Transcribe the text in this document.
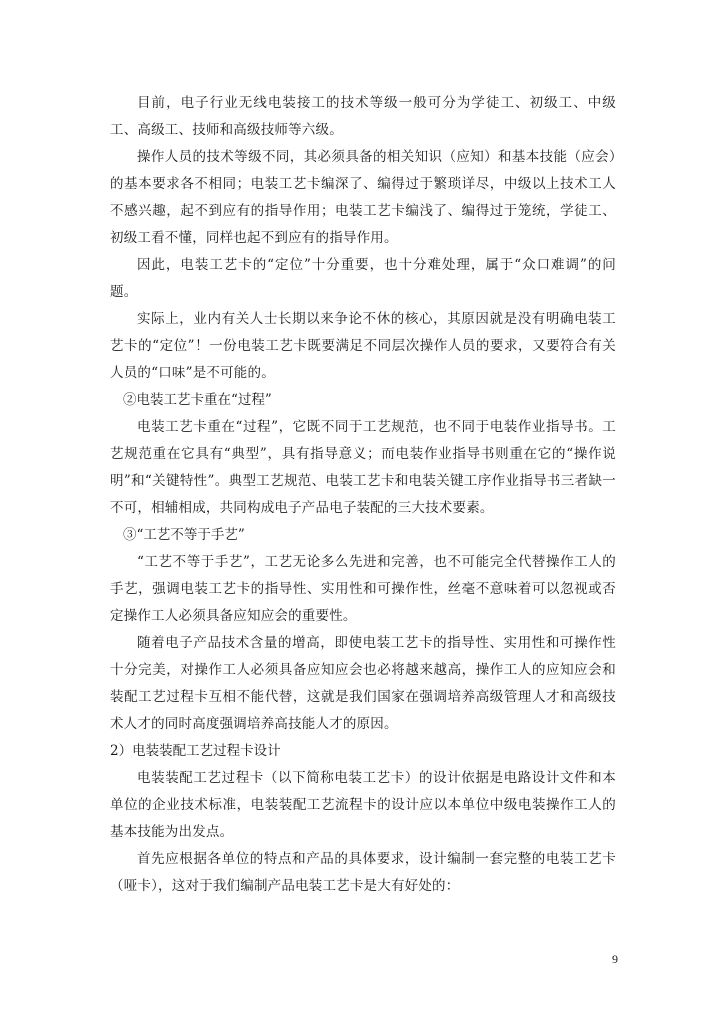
目前，电子行业无线电装接工的技术等级一般可分为学徒工、初级工、中级工、高级工、技师和高级技师等六级。

操作人员的技术等级不同，其必须具备的相关知识（应知）和基本技能（应会）的基本要求各不相同；电装工艺卡编深了、编得过于繁琐详尽，中级以上技术工人不感兴趣，起不到应有的指导作用；电装工艺卡编浅了、编得过于笼统，学徒工、初级工看不懂，同样也起不到应有的指导作用。

因此，电装工艺卡的“定位”十分重要，也十分难处理，属于“众口难调”的问题。

实际上，业内有关人士长期以来争论不休的核心，其原因就是没有明确电装工艺卡的“定位”！一份电装工艺卡既要满足不同层次操作人员的要求，又要符合有关人员的“口味”是不可能的。

②电装工艺卡重在“过程”

电装工艺卡重在“过程”，它既不同于工艺规范，也不同于电装作业指导书。工艺规范重在它具有“典型”，具有指导意义；而电装作业指导书则重在它的“操作说明”和“关键特性”。典型工艺规范、电装工艺卡和电装关键工序作业指导书三者缺一不可，相辅相成，共同构成电子产品电子装配的三大技术要素。

③“工艺不等于手艺”

“工艺不等于手艺”，工艺无论多么先进和完善，也不可能完全代替操作工人的手艺，强调电装工艺卡的指导性、实用性和可操作性，丝毫不意味着可以忽视或否定操作工人必须具备应知应会的重要性。

随着电子产品技术含量的增高，即使电装工艺卡的指导性、实用性和可操作性十分完美，对操作工人必须具备应知应会也必将越来越高，操作工人的应知应会和装配工艺过程卡互相不能代替，这就是我们国家在强调培养高级管理人才和高级技术人才的同时高度强调培养高技能人才的原因。

2）电装装配工艺过程卡设计

电装装配工艺过程卡（以下简称电装工艺卡）的设计依据是电路设计文件和本单位的企业技术标准，电装装配工艺流程卡的设计应以本单位中级电装操作工人的基本技能为出发点。

首先应根据各单位的特点和产品的具体要求，设计编制一套完整的电装工艺卡（哑卡），这对于我们编制产品电装工艺卡是大有好处的：

9
